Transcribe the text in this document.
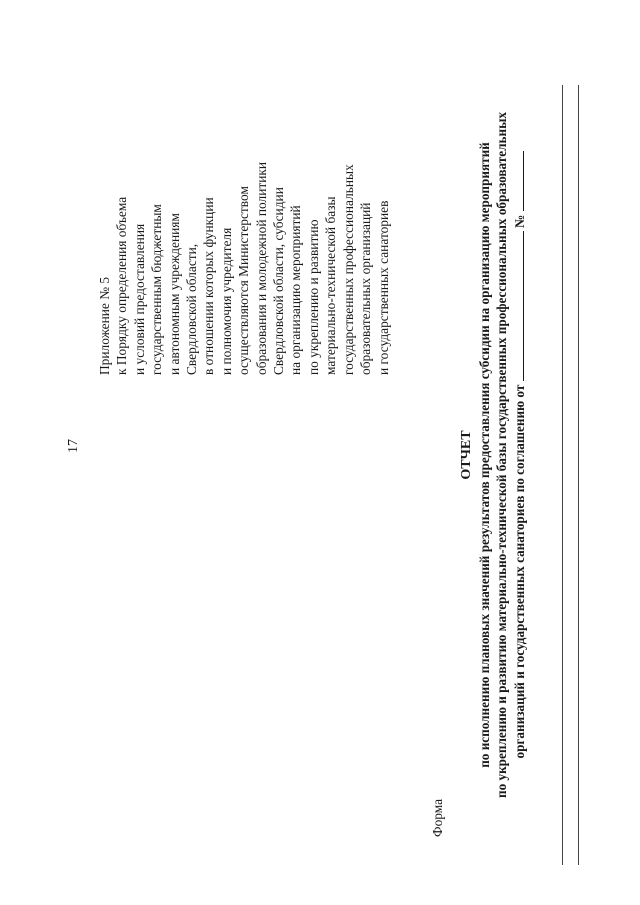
17
Приложение № 5 к Порядку определения объема и условий предоставления государственным бюджетным и автономным учреждениям Свердловской области, в отношении которых функции и полномочия учредителя осуществляются Министерством образования и молодежной политики Свердловской области, субсидии на организацию мероприятий по укреплению и развитию материально-технической базы государственных профессиональных образовательных организаций и государственных санаториев
Форма
ОТЧЕТ по исполнению плановых значений результатов предоставления субсидии на организацию мероприятий по укреплению и развитию материально-технической базы государственных профессиональных образовательных организаций и государственных санаториев по соглашению от  №
